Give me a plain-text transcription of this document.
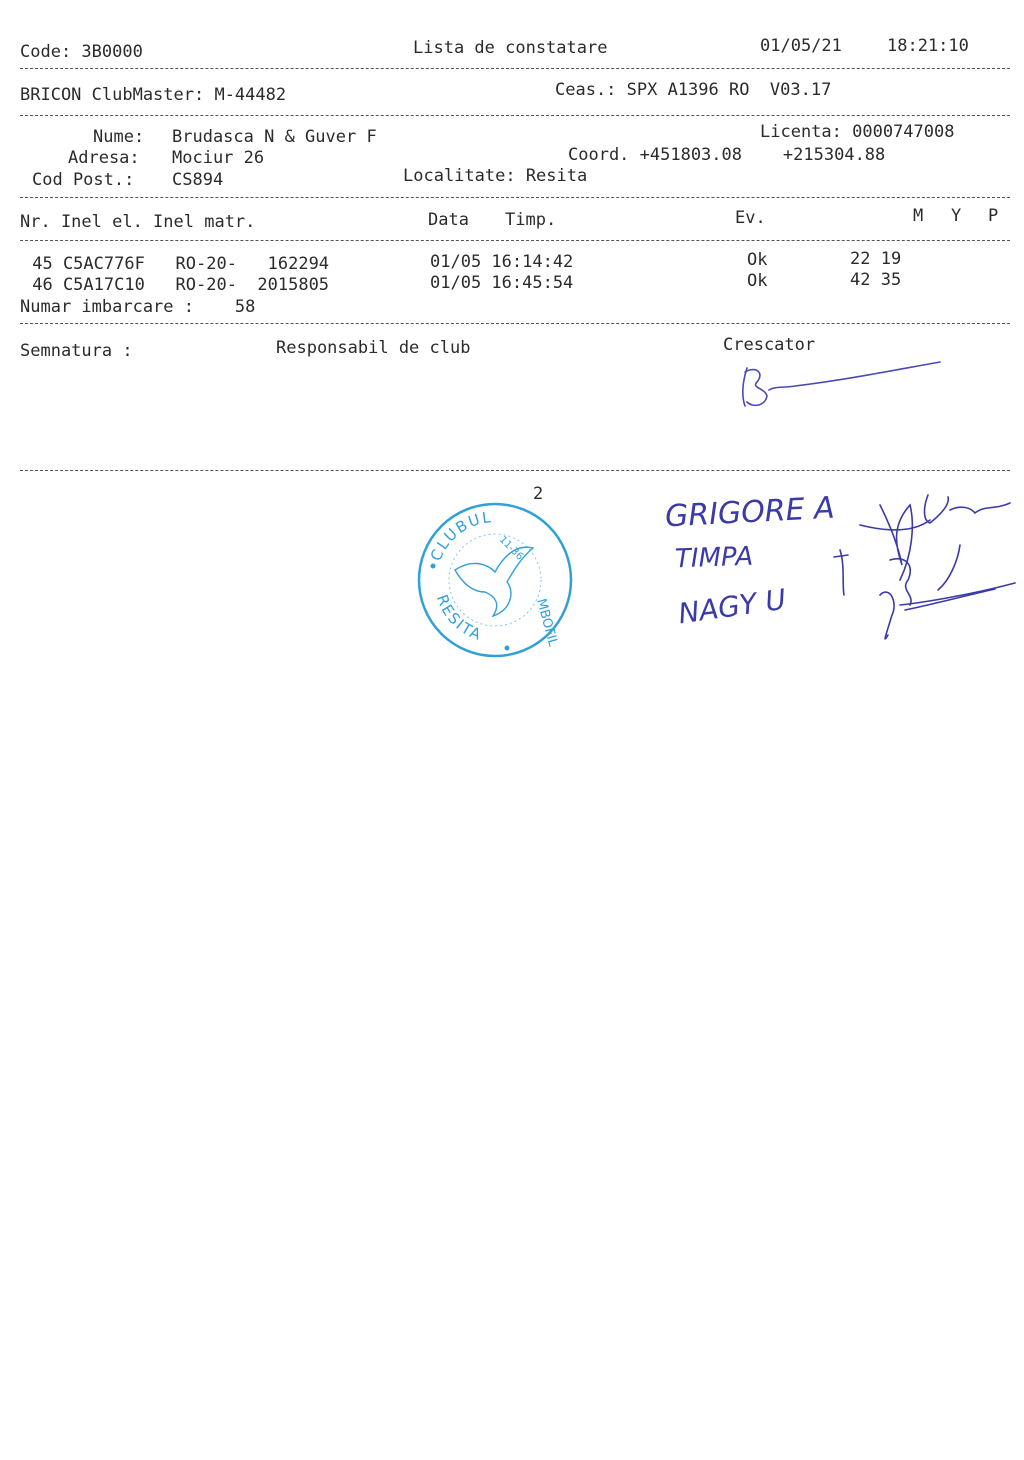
Code: 3B0000	Lista de constatare	01/05/21	18:21:10
BRICON ClubMaster: M-44482	Ceas.: SPX A1396 RO  V03.17
Nume: Brudasca N & Guver F	Licenta: 0000747008
Adresa: Mociur 26	Coord. +451803.08    +215304.88
Cod Post.: CS894	Localitate: Resita
Nr. Inel el. Inel matr.	Data Timp.	Ev.	M Y P
45 C5AC776F   RO-20-   162294	01/05 16:14:42	Ok	22 19
46 C5A17C10   RO-20-  2015805	01/05 16:45:54	Ok	42 35
Numar imbarcare :    58
Semnatura :	Responsabil de club	Crescator
2
CLUBUL
RESITA	MBOFIL
11-36
GRIGORE A
TIMPA
NAGY U
